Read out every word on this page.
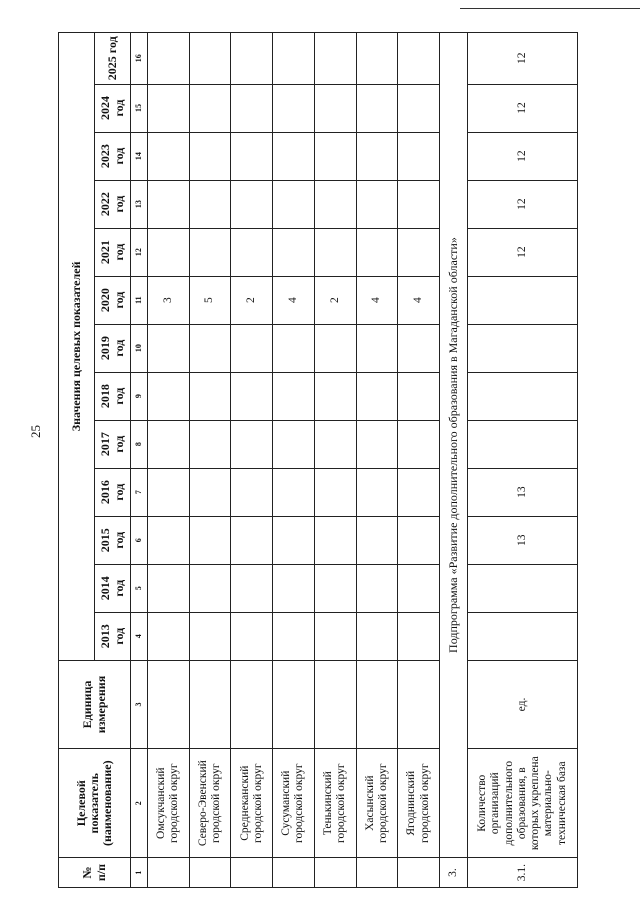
25
№ п/п	Целевой показатель (наименование)	Единица измерения	Значения целевых показателей												
			2013 год	2014 год	2015 год	2016 год	2017 год	2018 год	2019 год	2020 год	2021 год	2022 год	2023 год	2024 год	2025 год
1	2	3	4	5	6	7	8	9	10	11	12	13	14	15	16
	Омсукчанский городской округ									3					
	Северо-Эвенский городской округ									5					
	Среднеканский городской округ									2					
	Сусуманский городской округ									4					
	Тенькинский городской округ									2					
	Хасынский городской округ									4					
	Ягоднинский городской округ									4					
3.	Подпрограмма «Развитие дополнительного образования в Магаданской области»														
3.1.	Количество организаций дополнительного образования, в которых укреплена материально-техническая база	ед.			13	13					12	12	12	12	12
